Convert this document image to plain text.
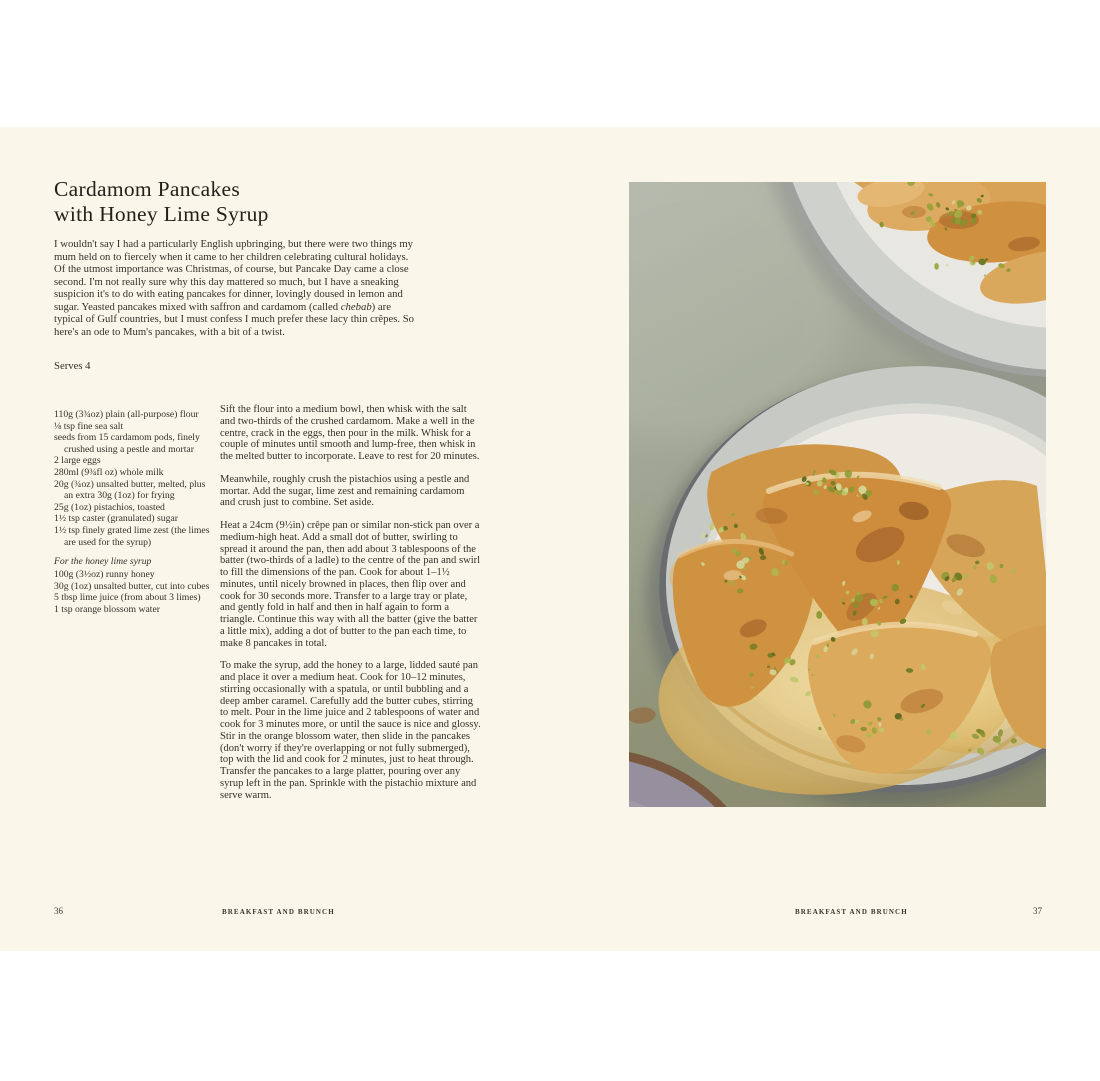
Cardamom Pancakes
with Honey Lime Syrup

I wouldn't say I had a particularly English upbringing, but there were two things my mum held on to fiercely when it came to her children celebrating cultural holidays. Of the utmost importance was Christmas, of course, but Pancake Day came a close second. I'm not really sure why this day mattered so much, but I have a sneaking suspicion it's to do with eating pancakes for dinner, lovingly doused in lemon and sugar. Yeasted pancakes mixed with saffron and cardamom (called chebab) are typical of Gulf countries, but I must confess I much prefer these lacy thin crêpes. So here's an ode to Mum's pancakes, with a bit of a twist.

Serves 4

110g (3¾oz) plain (all-purpose) flour
⅛ tsp fine sea salt
seeds from 15 cardamom pods, finely crushed using a pestle and mortar
2 large eggs
280ml (9¾fl oz) whole milk
20g (¾oz) unsalted butter, melted, plus an extra 30g (1oz) for frying
25g (1oz) pistachios, toasted
1½ tsp caster (granulated) sugar
1½ tsp finely grated lime zest (the limes are used for the syrup)

For the honey lime syrup

100g (3½oz) runny honey
30g (1oz) unsalted butter, cut into cubes
5 tbsp lime juice (from about 3 limes)
1 tsp orange blossom water

Sift the flour into a medium bowl, then whisk with the salt and two-thirds of the crushed cardamom. Make a well in the centre, crack in the eggs, then pour in the milk. Whisk for a couple of minutes until smooth and lump-free, then whisk in the melted butter to incorporate. Leave to rest for 20 minutes.

Meanwhile, roughly crush the pistachios using a pestle and mortar. Add the sugar, lime zest and remaining cardamom and crush just to combine. Set aside.

Heat a 24cm (9½in) crêpe pan or similar non-stick pan over a medium-high heat. Add a small dot of butter, swirling to spread it around the pan, then add about 3 tablespoons of the batter (two-thirds of a ladle) to the centre of the pan and swirl to fill the dimensions of the pan. Cook for about 1–1½ minutes, until nicely browned in places, then flip over and cook for 30 seconds more. Transfer to a large tray or plate, and gently fold in half and then in half again to form a triangle. Continue this way with all the batter (give the batter a little mix), adding a dot of butter to the pan each time, to make 8 pancakes in total.

To make the syrup, add the honey to a large, lidded sauté pan and place it over a medium heat. Cook for 10–12 minutes, stirring occasionally with a spatula, or until bubbling and a deep amber caramel. Carefully add the butter cubes, stirring to melt. Pour in the lime juice and 2 tablespoons of water and cook for 3 minutes more, or until the sauce is nice and glossy. Stir in the orange blossom water, then slide in the pancakes (don't worry if they're overlapping or not fully submerged), top with the lid and cook for 2 minutes, just to heat through. Transfer the pancakes to a large platter, pouring over any syrup left in the pan. Sprinkle with the pistachio mixture and serve warm.

36	BREAKFAST AND BRUNCH	BREAKFAST AND BRUNCH	37
